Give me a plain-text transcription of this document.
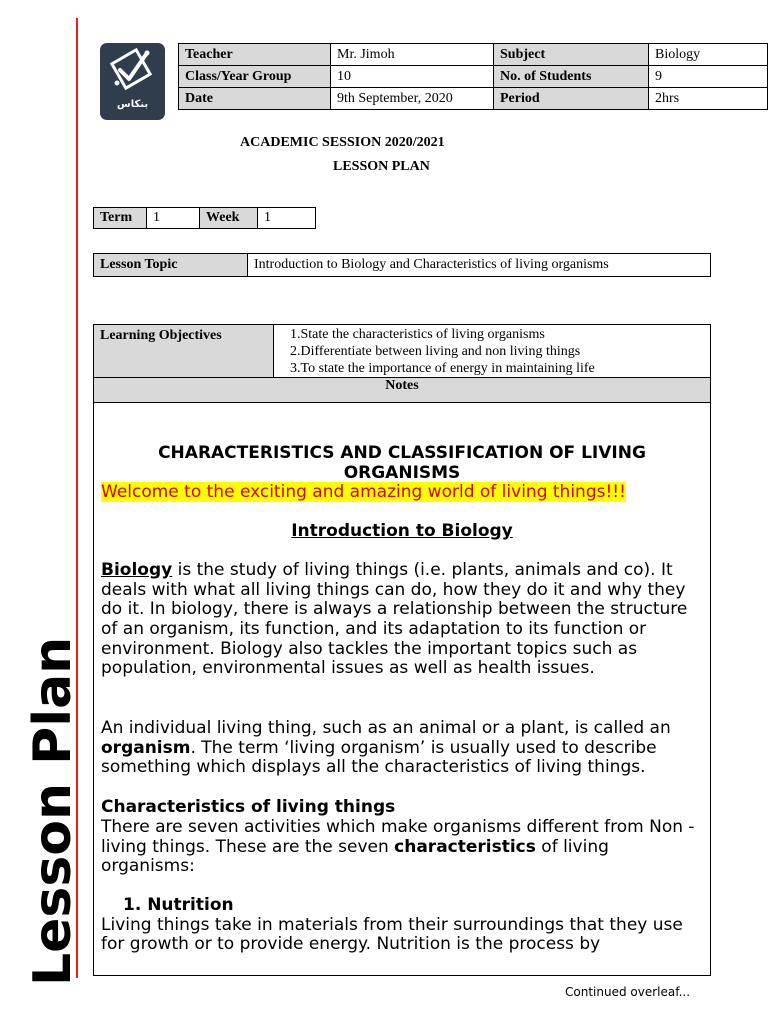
Lesson Plan
بنكاس
Teacher	Mr. Jimoh	Subject	Biology
Class/Year Group	10	No. of Students	9
Date	9th September, 2020	Period	2hrs
ACADEMIC SESSION 2020/2021
LESSON PLAN
Term	1	Week	1
Lesson Topic	Introduction to Biology and Characteristics of living organisms
Learning Objectives	1.State the characteristics of living organisms
2.Differentiate between living and non living things
3.To state the importance of energy in maintaining life
Notes
CHARACTERISTICS AND CLASSIFICATION OF LIVING ORGANISMS
Welcome to the exciting and amazing world of living things!!!
Introduction to Biology
Biology is the study of living things (i.e. plants, animals and co). It deals with what all living things can do, how they do it and why they do it. In biology, there is always a relationship between the structure of an organism, its function, and its adaptation to its function or environment. Biology also tackles the important topics such as population, environmental issues as well as health issues.
An individual living thing, such as an animal or a plant, is called an organism. The term ‘living organism’ is usually used to describe something which displays all the characteristics of living things.
Characteristics of living things
There are seven activities which make organisms different from Non - living things. These are the seven characteristics of living organisms:
1. Nutrition
Living things take in materials from their surroundings that they use for growth or to provide energy. Nutrition is the process by
Continued overleaf...
